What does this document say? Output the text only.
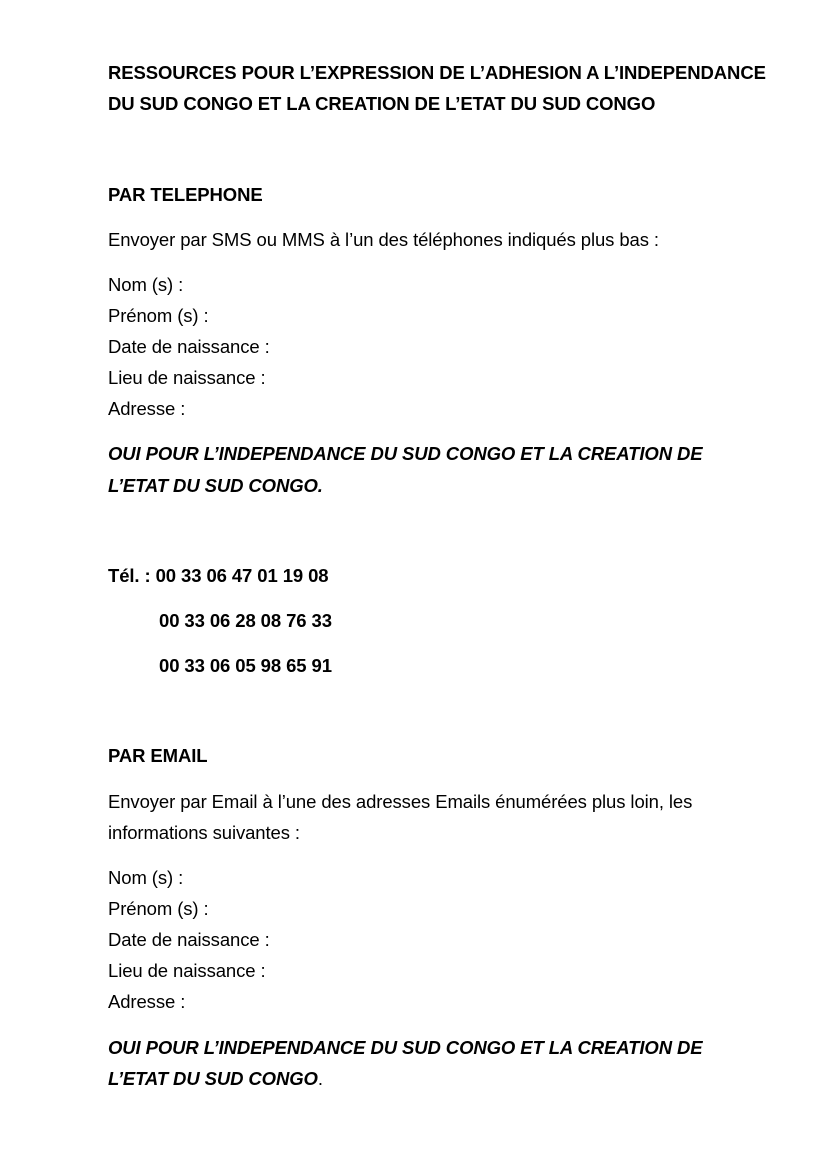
RESSOURCES POUR L’EXPRESSION DE L’ADHESION A L’INDEPENDANCE
DU SUD CONGO ET LA CREATION DE L’ETAT DU SUD CONGO
PAR TELEPHONE
Envoyer par SMS ou MMS à l’un des téléphones indiqués plus bas :
Nom (s) :
Prénom (s) :
Date de naissance :
Lieu de naissance :
Adresse :
OUI POUR L’INDEPENDANCE DU SUD CONGO ET LA CREATION DE
L’ETAT DU SUD CONGO.
Tél. : 00 33 06 47 01 19 08
00 33 06 28 08 76 33
00 33 06 05 98 65 91
PAR EMAIL
Envoyer par Email à l’une des adresses Emails énumérées plus loin, les
informations suivantes :
Nom (s) :
Prénom (s) :
Date de naissance :
Lieu de naissance :
Adresse :
OUI POUR L’INDEPENDANCE DU SUD CONGO ET LA CREATION DE
L’ETAT DU SUD CONGO.
